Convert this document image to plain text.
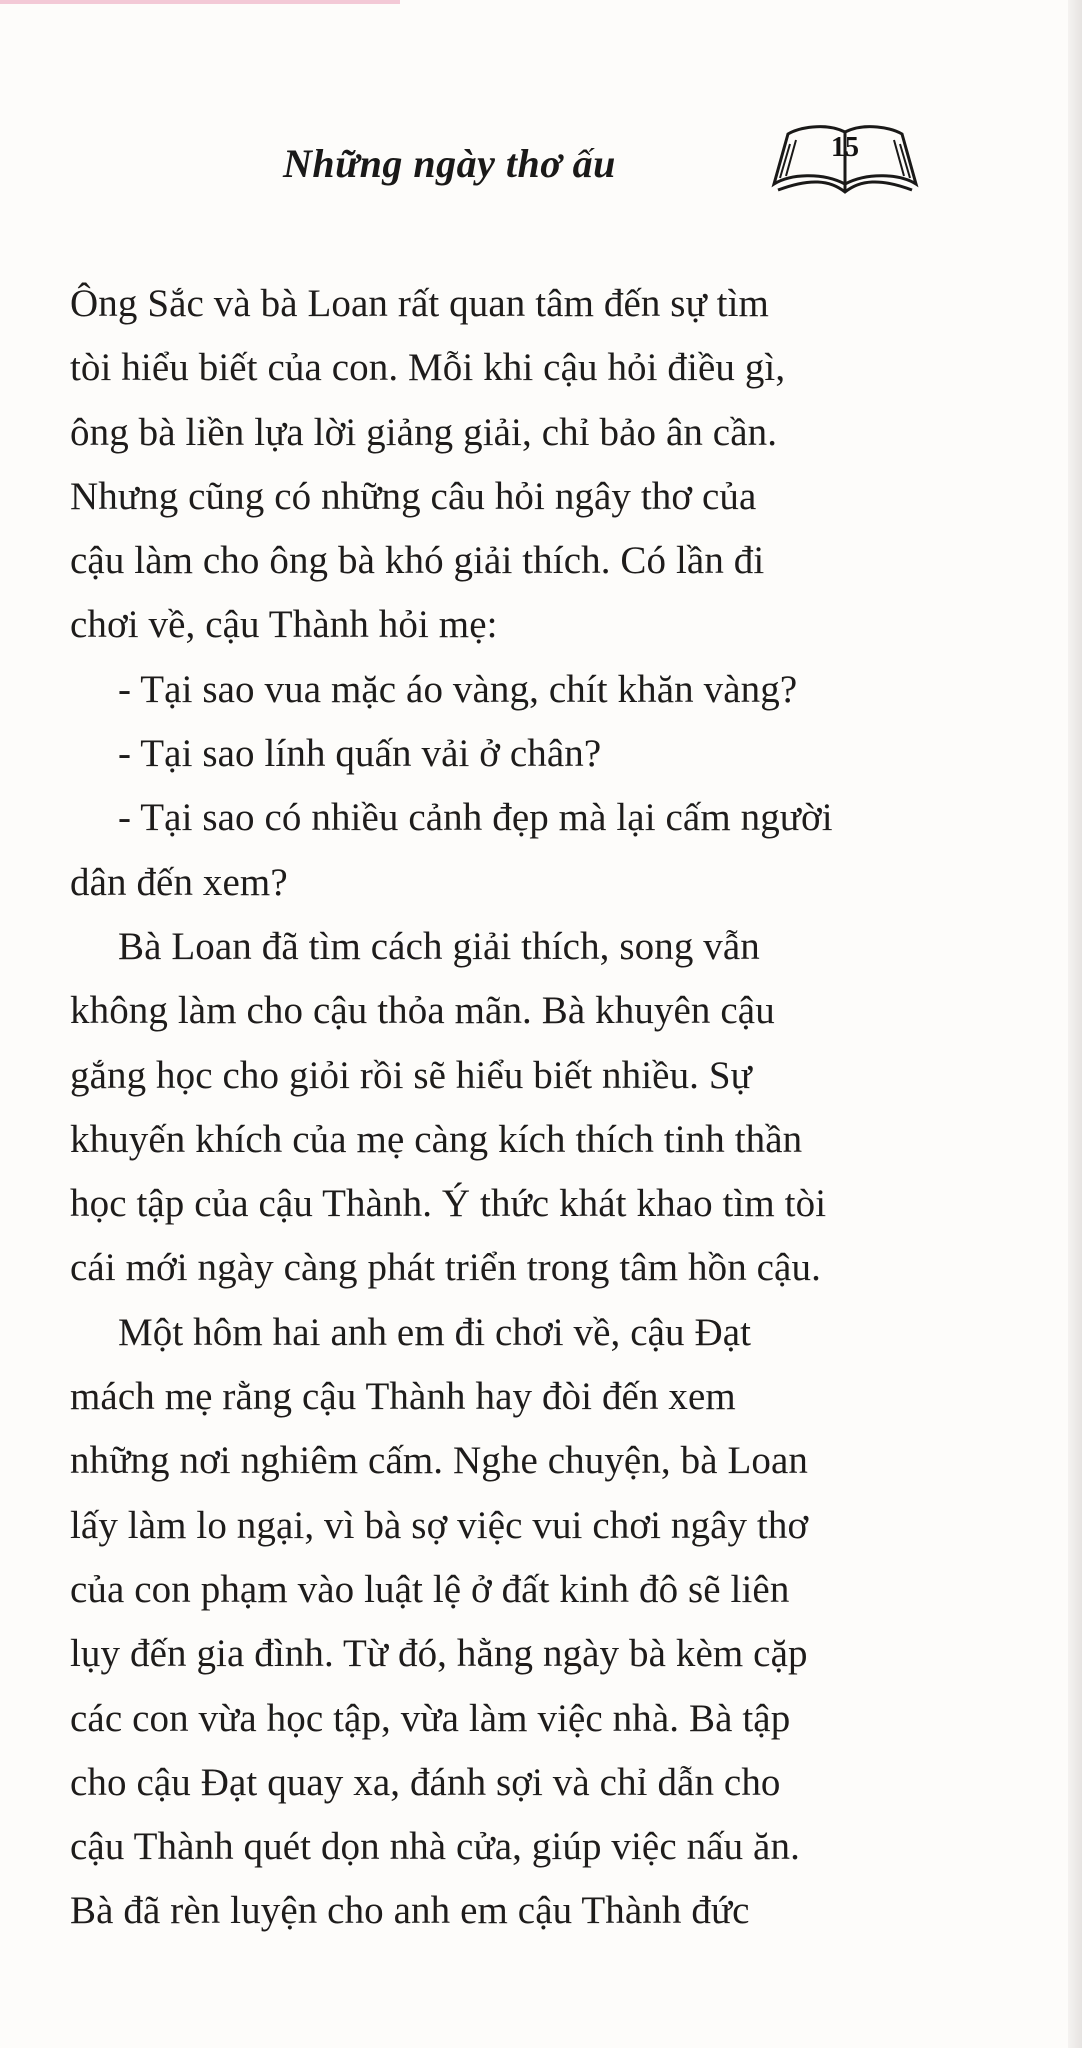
Những ngày thơ ấu	15
Ông Sắc và bà Loan rất quan tâm đến sự tìm
tòi hiểu biết của con. Mỗi khi cậu hỏi điều gì,
ông bà liền lựa lời giảng giải, chỉ bảo ân cần.
Nhưng cũng có những câu hỏi ngây thơ của
cậu làm cho ông bà khó giải thích. Có lần đi
chơi về, cậu Thành hỏi mẹ:
- Tại sao vua mặc áo vàng, chít khăn vàng?
- Tại sao lính quấn vải ở chân?
- Tại sao có nhiều cảnh đẹp mà lại cấm người
dân đến xem?
Bà Loan đã tìm cách giải thích, song vẫn
không làm cho cậu thỏa mãn. Bà khuyên cậu
gắng học cho giỏi rồi sẽ hiểu biết nhiều. Sự
khuyến khích của mẹ càng kích thích tinh thần
học tập của cậu Thành. Ý thức khát khao tìm tòi
cái mới ngày càng phát triển trong tâm hồn cậu.
Một hôm hai anh em đi chơi về, cậu Đạt
mách mẹ rằng cậu Thành hay đòi đến xem
những nơi nghiêm cấm. Nghe chuyện, bà Loan
lấy làm lo ngại, vì bà sợ việc vui chơi ngây thơ
của con phạm vào luật lệ ở đất kinh đô sẽ liên
lụy đến gia đình. Từ đó, hằng ngày bà kèm cặp
các con vừa học tập, vừa làm việc nhà. Bà tập
cho cậu Đạt quay xa, đánh sợi và chỉ dẫn cho
cậu Thành quét dọn nhà cửa, giúp việc nấu ăn.
Bà đã rèn luyện cho anh em cậu Thành đức
